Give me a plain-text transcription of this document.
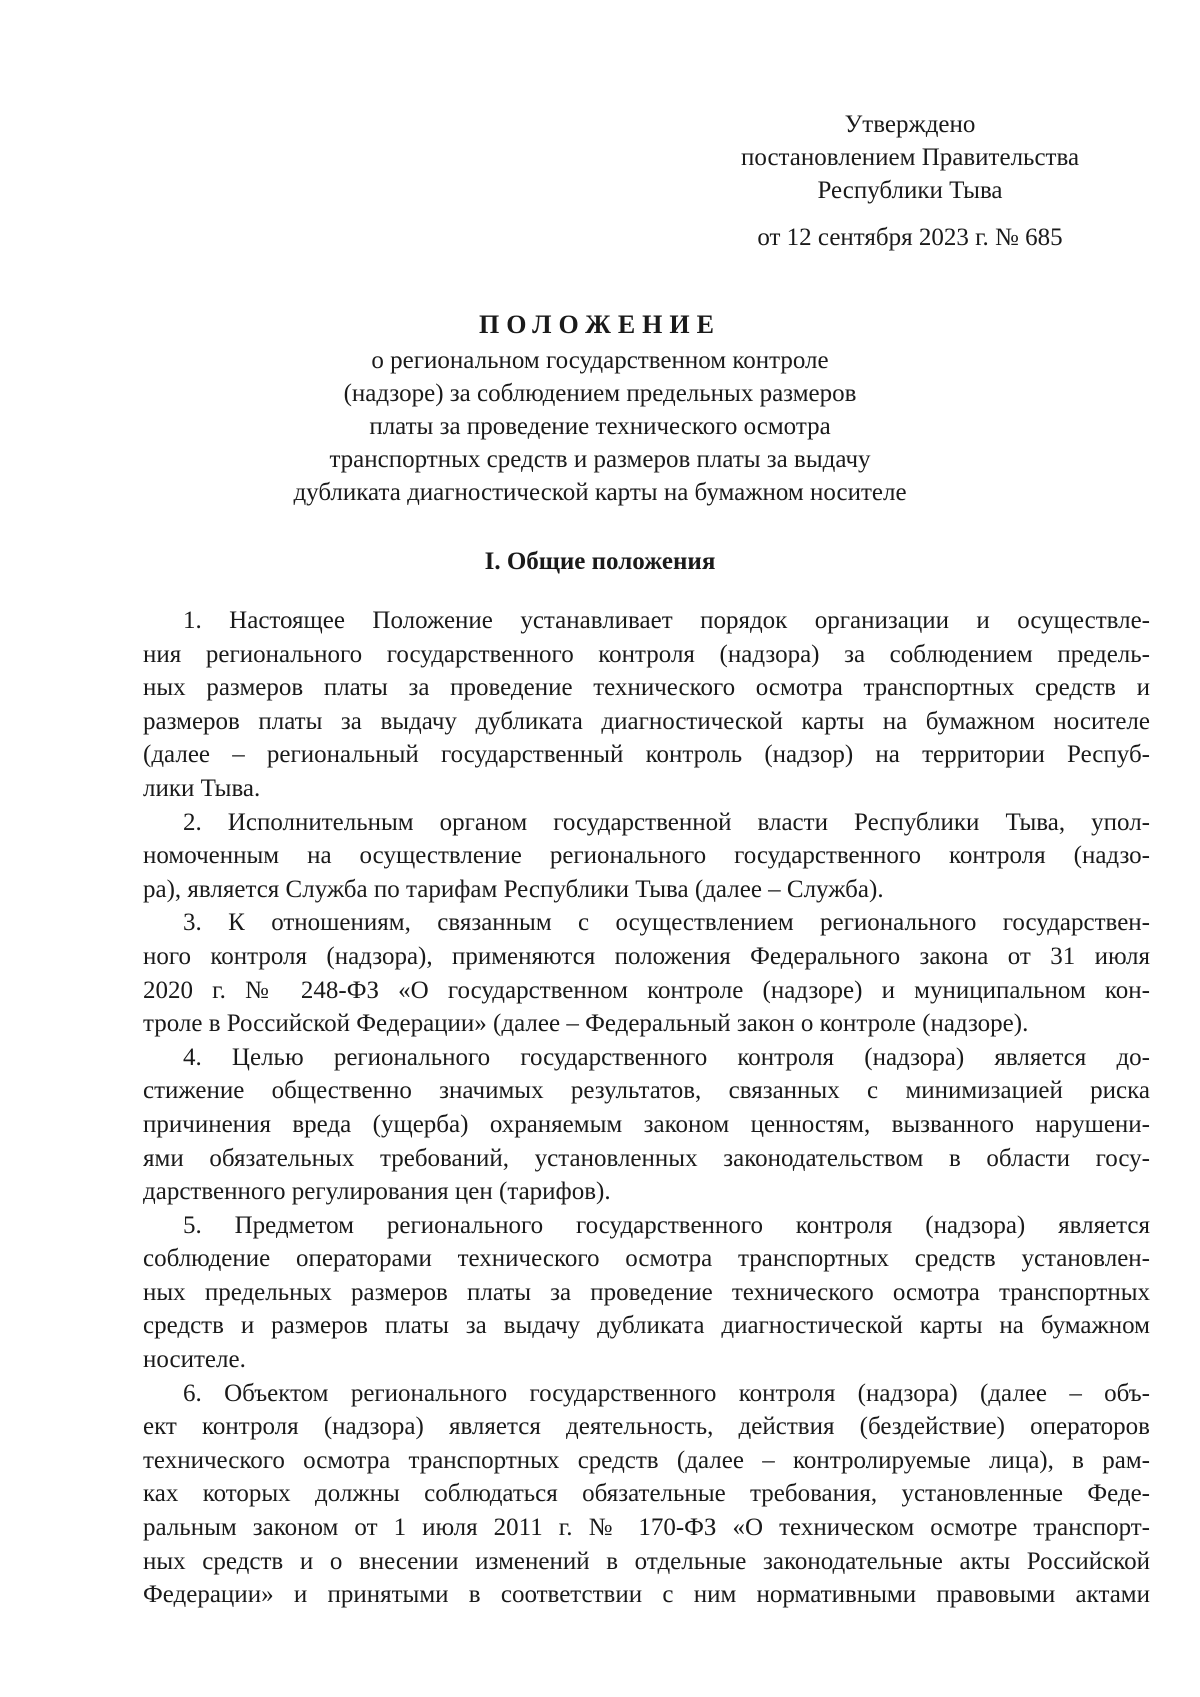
Утверждено
постановлением Правительства
Республики Тыва
от 12 сентября 2023 г. № 685
ПОЛОЖЕНИЕ
о региональном государственном контроле
(надзоре) за соблюдением предельных размеров
платы за проведение технического осмотра
транспортных средств и размеров платы за выдачу
дубликата диагностической карты на бумажном носителе
I. Общие положения
1. Настоящее Положение устанавливает порядок организации и осуществле-
ния регионального государственного контроля (надзора) за соблюдением предель-
ных размеров платы за проведение технического осмотра транспортных средств и
размеров платы за выдачу дубликата диагностической карты на бумажном носителе
(далее – региональный государственный контроль (надзор) на территории Респуб-
лики Тыва.
2. Исполнительным органом государственной власти Республики Тыва, упол-
номоченным на осуществление регионального государственного контроля (надзо-
ра), является Служба по тарифам Республики Тыва (далее – Служба).
3. К отношениям, связанным с осуществлением регионального государствен-
ного контроля (надзора), применяются положения Федерального закона от 31 июля
2020 г. № 248-ФЗ «О государственном контроле (надзоре) и муниципальном кон-
троле в Российской Федерации» (далее – Федеральный закон о контроле (надзоре).
4. Целью регионального государственного контроля (надзора) является до-
стижение общественно значимых результатов, связанных с минимизацией риска
причинения вреда (ущерба) охраняемым законом ценностям, вызванного нарушени-
ями обязательных требований, установленных законодательством в области госу-
дарственного регулирования цен (тарифов).
5. Предметом регионального государственного контроля (надзора) является
соблюдение операторами технического осмотра транспортных средств установлен-
ных предельных размеров платы за проведение технического осмотра транспортных
средств и размеров платы за выдачу дубликата диагностической карты на бумажном
носителе.
6. Объектом регионального государственного контроля (надзора) (далее – объ-
ект контроля (надзора) является деятельность, действия (бездействие) операторов
технического осмотра транспортных средств (далее – контролируемые лица), в рам-
ках которых должны соблюдаться обязательные требования, установленные Феде-
ральным законом от 1 июля 2011 г. № 170-ФЗ «О техническом осмотре транспорт-
ных средств и о внесении изменений в отдельные законодательные акты Российской
Федерации» и принятыми в соответствии с ним нормативными правовыми актами
